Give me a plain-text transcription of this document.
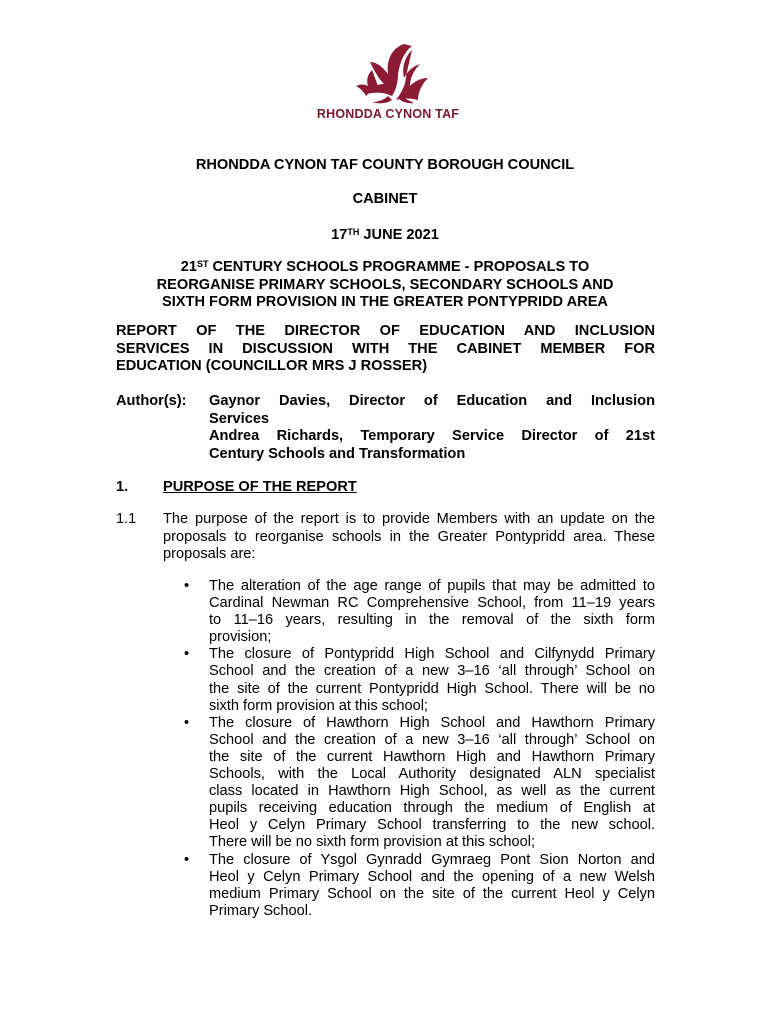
RHONDDA CYNON TAF
RHONDDA CYNON TAF COUNTY BOROUGH COUNCIL
CABINET
17TH JUNE 2021
21ST CENTURY SCHOOLS PROGRAMME - PROPOSALS TO
REORGANISE PRIMARY SCHOOLS, SECONDARY SCHOOLS AND
SIXTH FORM PROVISION IN THE GREATER PONTYPRIDD AREA
REPORT OF THE DIRECTOR OF EDUCATION AND INCLUSION
SERVICES IN DISCUSSION WITH THE CABINET MEMBER FOR
EDUCATION (COUNCILLOR MRS J ROSSER)
Author(s): Gaynor Davies, Director of Education and Inclusion
Services
Andrea Richards, Temporary Service Director of 21st
Century Schools and Transformation
1. PURPOSE OF THE REPORT
1.1 The purpose of the report is to provide Members with an update on the
proposals to reorganise schools in the Greater Pontypridd area. These
proposals are:
• The alteration of the age range of pupils that may be admitted to
Cardinal Newman RC Comprehensive School, from 11–19 years
to 11–16 years, resulting in the removal of the sixth form
provision;
• The closure of Pontypridd High School and Cilfynydd Primary
School and the creation of a new 3–16 ‘all through’ School on
the site of the current Pontypridd High School. There will be no
sixth form provision at this school;
• The closure of Hawthorn High School and Hawthorn Primary
School and the creation of a new 3–16 ‘all through’ School on
the site of the current Hawthorn High and Hawthorn Primary
Schools, with the Local Authority designated ALN specialist
class located in Hawthorn High School, as well as the current
pupils receiving education through the medium of English at
Heol y Celyn Primary School transferring to the new school.
There will be no sixth form provision at this school;
• The closure of Ysgol Gynradd Gymraeg Pont Sion Norton and
Heol y Celyn Primary School and the opening of a new Welsh
medium Primary School on the site of the current Heol y Celyn
Primary School.
